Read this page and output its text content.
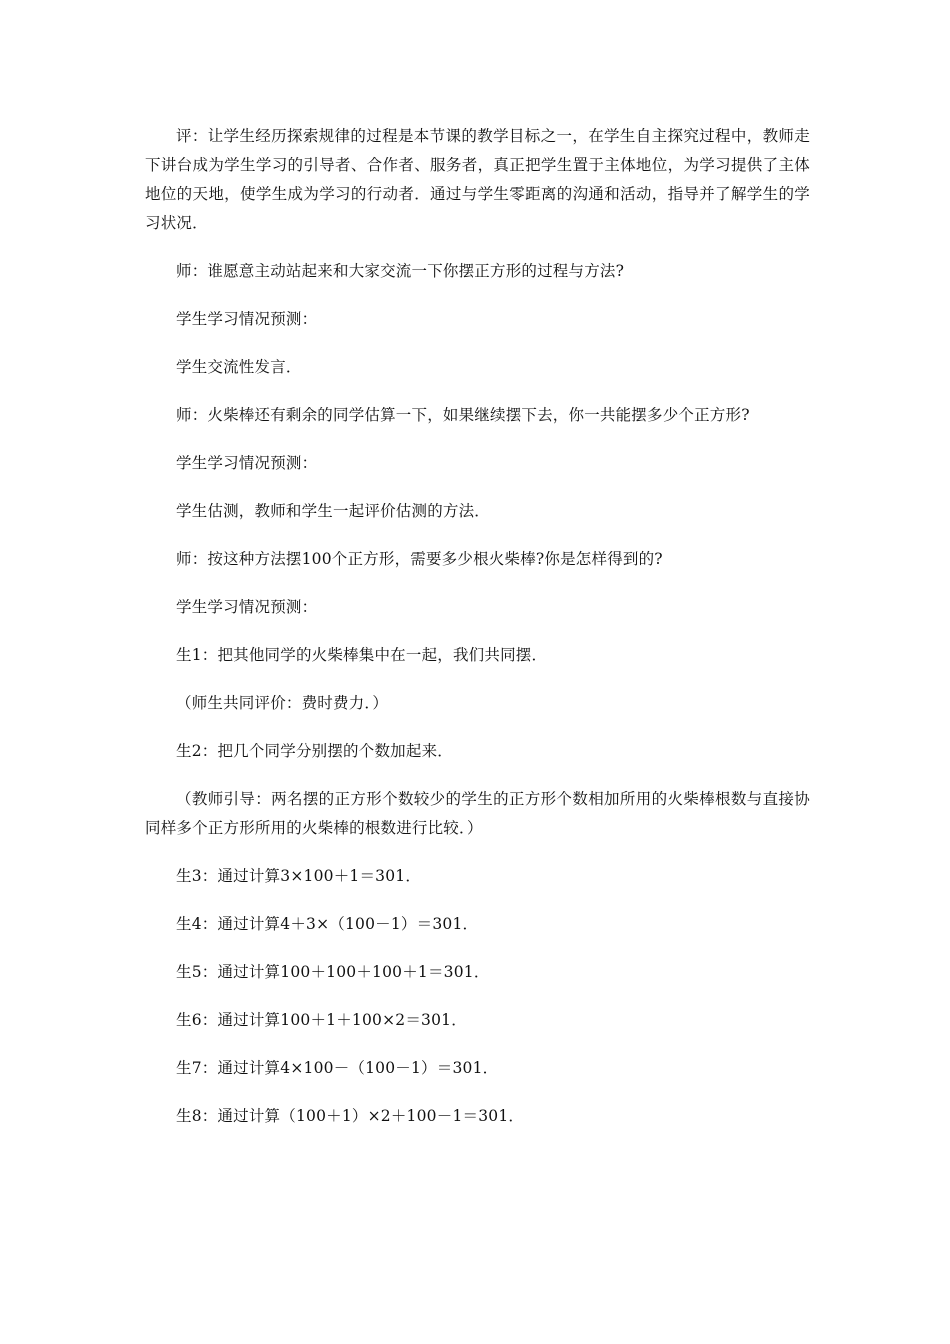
评：让学生经历探索规律的过程是本节课的教学目标之一，在学生自主探究过程中，教师走下讲台成为学生学习的引导者、合作者、服务者，真正把学生置于主体地位，为学习提供了主体地位的天地，使学生成为学习的行动者．通过与学生零距离的沟通和活动，指导并了解学生的学习状况．

师：谁愿意主动站起来和大家交流一下你摆正方形的过程与方法?

学生学习情况预测：

学生交流性发言．

师：火柴棒还有剩余的同学估算一下，如果继续摆下去，你一共能摆多少个正方形?

学生学习情况预测：

学生估测，教师和学生一起评价估测的方法．

师：按这种方法摆100个正方形，需要多少根火柴棒?你是怎样得到的?

学生学习情况预测：

生1：把其他同学的火柴棒集中在一起，我们共同摆．

（师生共同评价：费时费力．）

生2：把几个同学分别摆的个数加起来．

（教师引导：两名摆的正方形个数较少的学生的正方形个数相加所用的火柴棒根数与直接协同样多个正方形所用的火柴棒的根数进行比较．）

生3：通过计算3×100＋1＝301．

生4：通过计算4＋3×（100－1）＝301．

生5：通过计算100＋100＋100＋1＝301．

生6：通过计算100＋1＋100×2＝301．

生7：通过计算4×100－（100－1）＝301．

生8：通过计算（100＋1）×2＋100－1＝301．
